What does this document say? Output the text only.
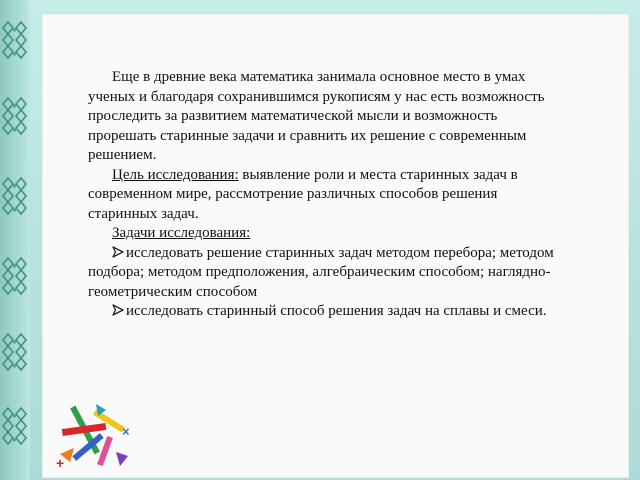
Презентация

Еще в древние века математика занимала основное место в умах ученых и благодаря сохранившимся рукописям у нас есть возможность проследить за развитием математической мысли и возможность прорешать старинные задачи и сравнить их решение с современным решением.

Цель исследования: выявление роли и места старинных задач в современном мире, рассмотрение различных способов решения старинных задач.

Задачи исследования:

исследовать решение старинных задач методом перебора; методом подбора; методом предположения, алгебраическим способом; наглядно-геометрическим способом

исследовать старинный способ решения задач на сплавы и смеси.

+
×
